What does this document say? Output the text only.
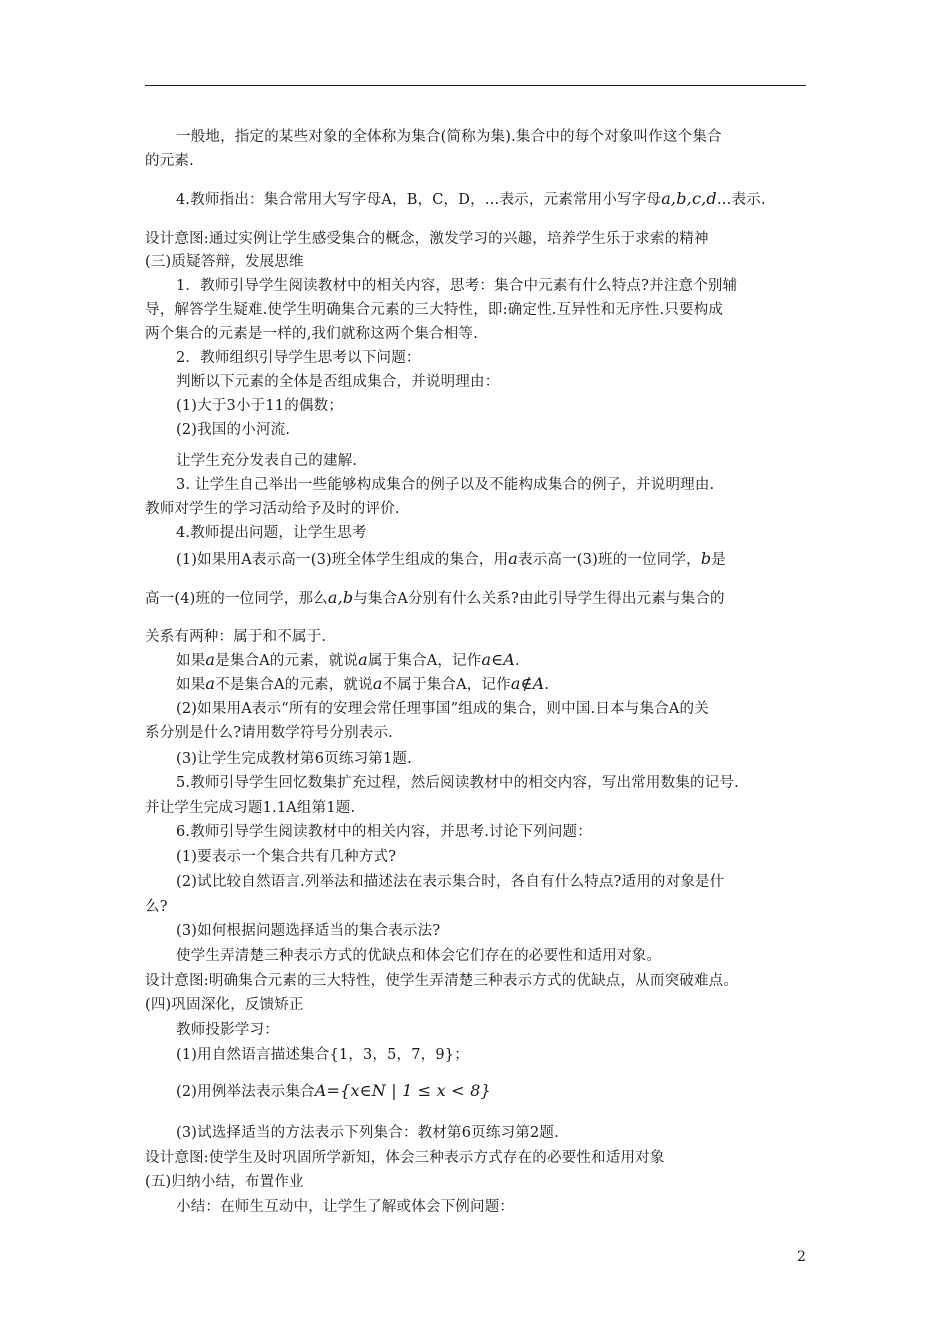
一般地，指定的某些对象的全体称为集合(简称为集).集合中的每个对象叫作这个集合
的元素.
4.教师指出：集合常用大写字母A，B，C，D，…表示，元素常用小写字母a,b,c,d…表示.
设计意图:通过实例让学生感受集合的概念，激发学习的兴趣，培养学生乐于求索的精神
(三)质疑答辩，发展思维
1．教师引导学生阅读教材中的相关内容，思考：集合中元素有什么特点?并注意个别辅
导，解答学生疑难.使学生明确集合元素的三大特性，即:确定性.互异性和无序性.只要构成
两个集合的元素是一样的,我们就称这两个集合相等.
2．教师组织引导学生思考以下问题：
判断以下元素的全体是否组成集合，并说明理由：
(1)大于3小于11的偶数；
(2)我国的小河流.
让学生充分发表自己的建解.
3. 让学生自己举出一些能够构成集合的例子以及不能构成集合的例子，并说明理由.
教师对学生的学习活动给予及时的评价.
4.教师提出问题，让学生思考
(1)如果用A表示高一(3)班全体学生组成的集合，用a表示高一(3)班的一位同学，b是
高一(4)班的一位同学，那么a,b与集合A分别有什么关系?由此引导学生得出元素与集合的
关系有两种：属于和不属于.
如果a是集合A的元素，就说a属于集合A，记作a∈A.
如果a不是集合A的元素，就说a不属于集合A，记作a∉A.
(2)如果用A表示“所有的安理会常任理事国”组成的集合，则中国.日本与集合A的关
系分别是什么?请用数学符号分别表示.
(3)让学生完成教材第6页练习第1题.
5.教师引导学生回忆数集扩充过程，然后阅读教材中的相交内容，写出常用数集的记号.
并让学生完成习题1.1A组第1题.
6.教师引导学生阅读教材中的相关内容，并思考.讨论下列问题：
(1)要表示一个集合共有几种方式?
(2)试比较自然语言.列举法和描述法在表示集合时，各自有什么特点?适用的对象是什
么?
(3)如何根据问题选择适当的集合表示法?
使学生弄清楚三种表示方式的优缺点和体会它们存在的必要性和适用对象。
设计意图:明确集合元素的三大特性，使学生弄清楚三种表示方式的优缺点，从而突破难点。
(四)巩固深化，反馈矫正
教师投影学习：
(1)用自然语言描述集合{1，3，5，7，9}；
(2)用例举法表示集合A={x∈N | 1 ≤ x < 8}
(3)试选择适当的方法表示下列集合：教材第6页练习第2题.
设计意图:使学生及时巩固所学新知，体会三种表示方式存在的必要性和适用对象
(五)归纳小结，布置作业
小结：在师生互动中，让学生了解或体会下例问题：
2
